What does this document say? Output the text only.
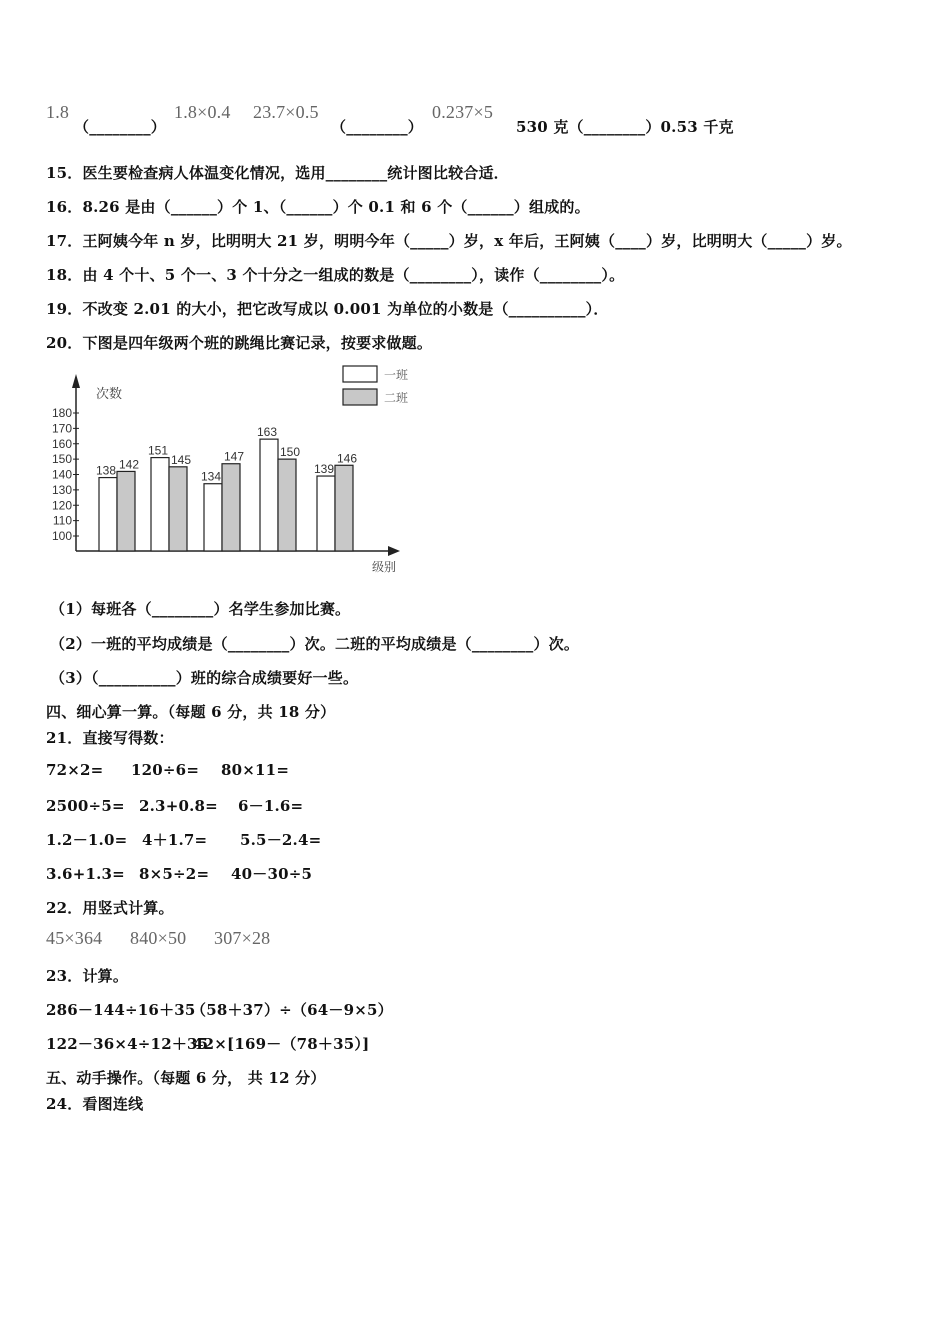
1.8
（________）
1.8×0.4 23.7×0.5
（________）
0.237×5
530 克（________）0.53 千克
15．医生要检查病人体温变化情况，选用________统计图比较合适．
16．8.26 是由（______）个 1、（______）个 0.1 和 6 个（______）组成的。
17．王阿姨今年 n 岁，比明明大 21 岁，明明今年（_____）岁，x 年后，王阿姨（____）岁，比明明大（_____）岁。
18．由 4 个十、5 个一、3 个十分之一组成的数是（________），读作（________）。
19．不改变 2.01 的大小，把它改写成以 0.001 为单位的小数是（__________）．
20．下图是四年级两个班的跳绳比赛记录，按要求做题。
次数
级别
100
110
120
130
140
150
160
170
180
138
151
134
163
139
142	145	147	150	146
一班
二班
（1）每班各（________）名学生参加比赛。
（2）一班的平均成绩是（________）次。二班的平均成绩是（________）次。
（3）（__________）班的综合成绩要好一些。
四、细心算一算。（每题 6 分，共 18 分）
21．直接写得数：
72×2= 120÷6= 80×11=
2500÷5= 2.3+0.8= 6－1.6=
1.2－1.0= 4＋1.7= 5.5－2.4=
3.6+1.3= 8×5÷2= 40－30÷5
22．用竖式计算。
45×364 840×50 307×28
23．计算。
286－144÷16＋35（58＋37）÷（64－9×5）
122－36×4÷12＋3542×[169－（78＋35）]
五、动手操作。（每题 6 分， 共 12 分）
24．看图连线
